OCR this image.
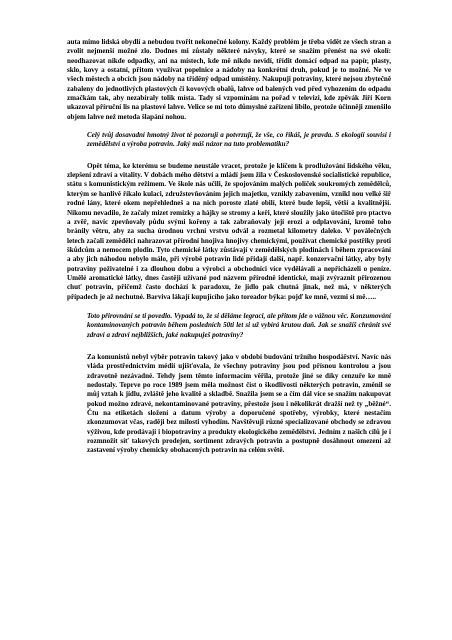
auta mimo lidská obydlí a nebudou tvořit nekonečné kolony. Každý problém je třeba vidět ze všech stran a zvolit nejmenší možné zlo. Dodnes mi zůstaly některé návyky, které se snažím přenést na své okolí: neodhazovat nikde odpadky, ani na místech, kde mě nikdo nevidí, třídit domácí odpad na papír, plasty, sklo, kovy a ostatní, přitom využívat popelnice a nádoby na konkrétní druh, pokud je to možné. Ne ve všech městech a obcích jsou nádoby na tříděný odpad umístěny. Nakupuji potraviny, které nejsou zbytečně zabaleny do jednotlivých plastových či kovových obalů, lahve od balených vod před vyhozením do odpadu zmačkám tak, aby nezabíraly tolik místa. Tady si vzpomínám na pořad v televizi, kde zpěvák Jiří Korn ukazoval příruční lis na plastové lahve. Velice se mi toto důmyslné zařízení líbilo, protože účinněji zmenšilo objem lahve než metoda šlapání nohou.

Celý tvůj dosavadní hmotný život té pozorují a potvrzují, že vše, co říkáš, je pravda. S ekologií souvisí i zemědělství a výroba potravin. Jaký máš názor na tuto problematiku?

Opět téma, ke kterému se budeme neustále vracet, protože je klíčem k prodlužování lidského věku, zlepšení zdraví a vitality. V dobách mého dětství a mládí jsem žila v Československé socialistické republice, státu s komunistickým režimem. Ve škole nás učili, že spojováním malých políček soukromých zemědělců, kterým se hanlivě říkalo kulaci, združstevňováním jejich majetku, vznikly zabavením, vznikl nou velké šiř rodné lány, které okem nepřehledneš a na nich poroste zlaté obilí, které bude lepší, větší a kvalitnější. Nikomu nevadilo, že začaly mizet remízky a hájky se stromy a keři, které sloužily jako útočiště pro ptactvo a zvěř, navíc zpevňovaly půdu svými kořeny a tak zabraňovaly její erozi a odplavování, kromě toho bránily větru, aby za sucha úrodnou vrchní vrstvu odvál a rozmetal kilometry daleko. V poválečných letech začali zemědělci nahrazovat přírodní hnojiva hnojivy chemickými, používat chemické postřiky proti škůdcům a nemocem plodin. Tyto chemické látky zůstávají v zemědělských plodinách i během zpracování a aby jich náhodou nebylo málo, při výrobě potravin lidé přidají další, např. konzervační látky, aby byly potraviny poživatelné i za dlouhou dobu a výrobci a obchodníci více vydělávali a nepřicházeli o peníze. Umělé aromatické látky, dnes častěji užívané pod názvem přírodně identické, mají zvýraznit přirozenou chuť potravin, přičemž často dochází k paradoxu, že jídlo pak chutná jinak, než má, v některých případech je až nechutné. Barviva lákají kupujícího jako toreador býka: pojď ke mně, vezmi si mě…..

Toto přirovnání se ti povedlo. Vypadá to, že si děláme legraci, ale přitom jde o vážnou věc. Konzumování kontaminovaných potravin během posledních 50ti let si už vybírá krutou daň. Jak se snažíš chránit své zdraví a zdraví nejbližších, jaké nakupuješ potraviny?

Za komunistů nebyl výběr potravin takový jako v období budování tržního hospodářství. Navíc nás vláda prostřednictvím médií ujišťovala, že všechny potraviny jsou pod přísnou kontrolou a jsou zdravotně nezávadné. Tehdy jsem těmto informacím věřila, protože jiné se díky cenzuře ke mně nedostaly. Teprve po roce 1989 jsem měla možnost číst o škodlivosti některých potravin, změnil se můj vztah k jídlu, zvláště jeho kvalitě a skladbě. Snažila jsem se a čím dál více se snažím nakupovat pokud možno zdravé, nekontaminované potraviny, přestože jsou i několikrát dražší než ty „běžné“. Čtu na etiketách složení a datum výroby a doporučené spotřeby, výrobky, které nestačím zkonzumovat včas, raději bez milosti vyhodím. Navštěvuji různé specializované obchody se zdravou výživou, kde prodávají i biopotraviny a produkty ekologického zemědělství. Jedním z našich cílů je i rozmnožit síť takových prodejen, sortiment zdravých potravin a postupně dosáhnout omezení až zastavení výroby chemicky obohacených potravin na celém světě.
